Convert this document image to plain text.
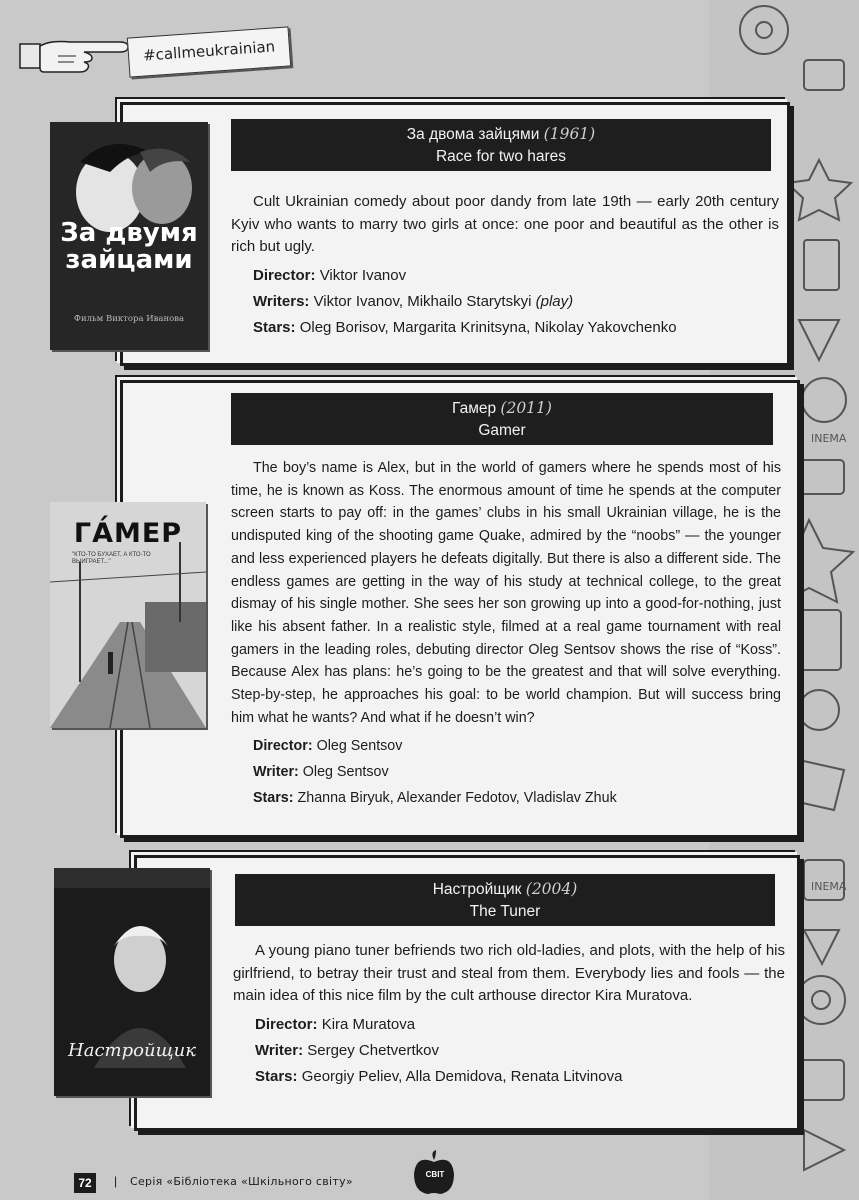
INEMA
INEMA
#callmeukrainian
За двома зайцями (1961)
Race for two hares

Cult Ukrainian comedy about poor dandy from late 19th — early 20th century Kyiv who wants to marry two girls at once: one poor and beautiful as the other is rich but ugly.

Director: Viktor Ivanov

Writers: Viktor Ivanov, Mikhailo Starytskyi (play)

Stars: Oleg Borisov, Margarita Krinitsyna, Nikolay Yakovchenko

Гамер (2011)
Gamer

The boy’s name is Alex, but in the world of gamers where he spends most of his time, he is known as Koss. The enormous amount of time he spends at the computer screen starts to pay off: in the games’ clubs in his small Ukrainian village, he is the undisputed king of the shooting game Quake, admired by the “noobs” — the younger and less experienced players he defeats digitally. But there is also a different side. The endless games are getting in the way of his study at technical college, to the great dismay of his single mother. She sees her son growing up into a good-for-nothing, just like his absent father. In a realistic style, filmed at a real game tournament with real gamers in the leading roles, debuting director Oleg Sentsov shows the rise of “Koss”. Because Alex has plans: he’s going to be the greatest and that will solve everything. Step-by-step, he approaches his goal: to be world champion. But will success bring him what he wants? And what if he doesn’t win?

Director: Oleg Sentsov

Writer: Oleg Sentsov

Stars: Zhanna Biryuk, Alexander Fedotov, Vladislav Zhuk

Настройщик (2004)
The Tuner

A young piano tuner befriends two rich old-ladies, and plots, with the help of his girlfriend, to betray their trust and steal from them. Everybody lies and fools — the main idea of this nice film by the cult arthouse director Kira Muratova.

Director: Kira Muratova

Writer: Sergey Chetvertkov

Stars: Georgiy Peliev, Alla Demidova, Renata Litvinova

За двумя зайцами
Фильм Виктора Иванова
ГА́МЕР
"КТО-ТО БУХАЕТ, А КТО-ТО ВЫИГРАЕТ..."
Настройщик
72	| Серія «Бібліотека «Шкільного світу»
СВІТ
